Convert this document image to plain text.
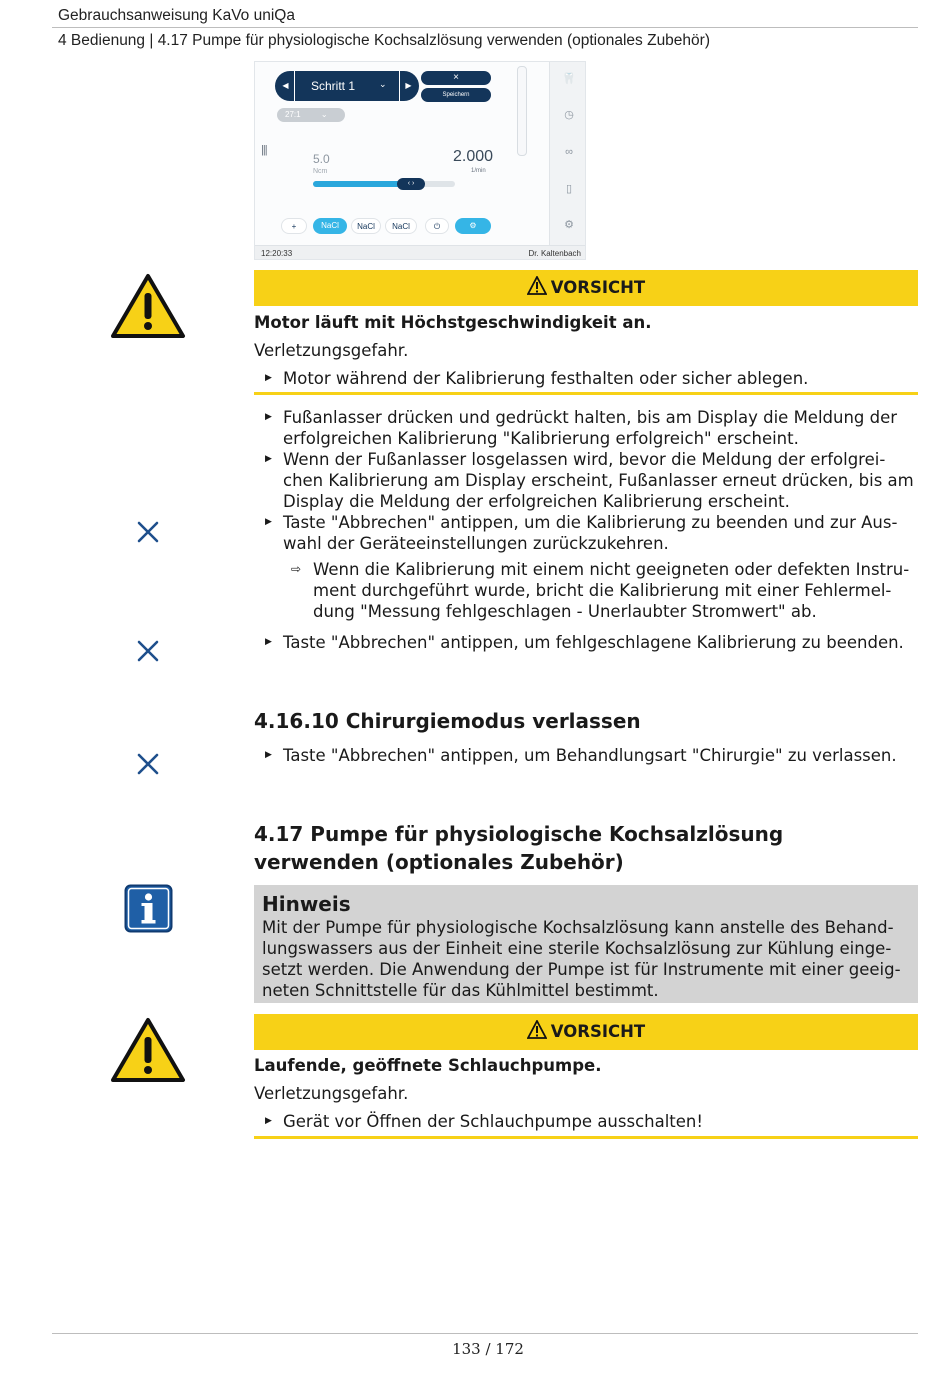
Gebrauchsanweisung KaVo uniQa
4 Bedienung | 4.17 Pumpe für physiologische Kochsalzlösung verwenden (optionales Zubehör)
◀	Schritt 1	⌄	▶
×
Speichern
27:1	⌄
|||
5.0
Ncm
2.000
1/min
‹ ›
+	NaCl	NaCl	NaCl	⏻	⚙
🦷
◷
∞
▯
⚙
12:20:33	Dr. Kaltenbach
VORSICHT
Motor läuft mit Höchstgeschwindigkeit an.
Verletzungsgefahr.
▶ Motor während der Kalibrierung festhalten oder sicher ablegen.
▶ Fußanlasser drücken und gedrückt halten, bis am Display die Meldung der
erfolgreichen Kalibrierung "Kalibrierung erfolgreich" erscheint.
▶ Wenn der Fußanlasser losgelassen wird, bevor die Meldung der erfolgrei-
chen Kalibrierung am Display erscheint, Fußanlasser erneut drücken, bis am
Display die Meldung der erfolgreichen Kalibrierung erscheint.
▶ Taste "Abbrechen" antippen, um die Kalibrierung zu beenden und zur Aus-
wahl der Geräteeinstellungen zurückzukehren.
⇨ Wenn die Kalibrierung mit einem nicht geeigneten oder defekten Instru-
ment durchgeführt wurde, bricht die Kalibrierung mit einer Fehlermel-
dung "Messung fehlgeschlagen - Unerlaubter Stromwert" ab.
▶ Taste "Abbrechen" antippen, um fehlgeschlagene Kalibrierung zu beenden.
4.16.10 Chirurgiemodus verlassen
▶ Taste "Abbrechen" antippen, um Behandlungsart "Chirurgie" zu verlassen.
4.17 Pumpe für physiologische Kochsalzlösung
verwenden (optionales Zubehör)
Hinweis
Mit der Pumpe für physiologische Kochsalzlösung kann anstelle des Behand-
lungswassers aus der Einheit eine sterile Kochsalzlösung zur Kühlung einge-
setzt werden. Die Anwendung der Pumpe ist für Instrumente mit einer geeig-
neten Schnittstelle für das Kühlmittel bestimmt.
VORSICHT
Laufende, geöffnete Schlauchpumpe.
Verletzungsgefahr.
▶ Gerät vor Öffnen der Schlauchpumpe ausschalten!
133 / 172
